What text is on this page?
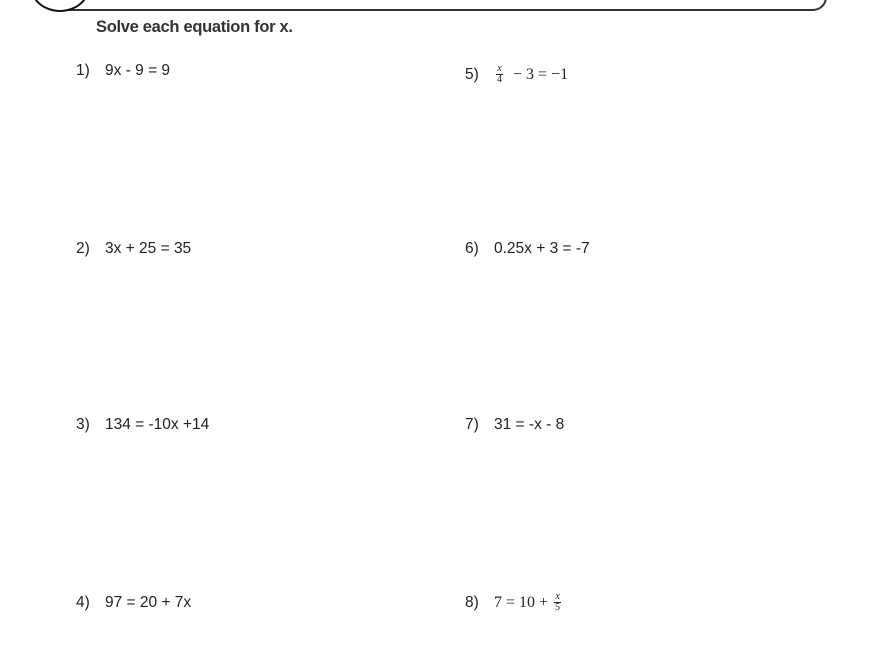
Solve each equation for x.
1) 9x - 9 = 9
2) 3x + 25 = 35
3) 134 = -10x +14
4) 97 = 20 + 7x
5)	$\frac{x}{4} - 3 = -1$
6) 0.25x + 3 = -7
7) 31 = -x - 8
8) $7 = 10 + \frac{x}{5}$
